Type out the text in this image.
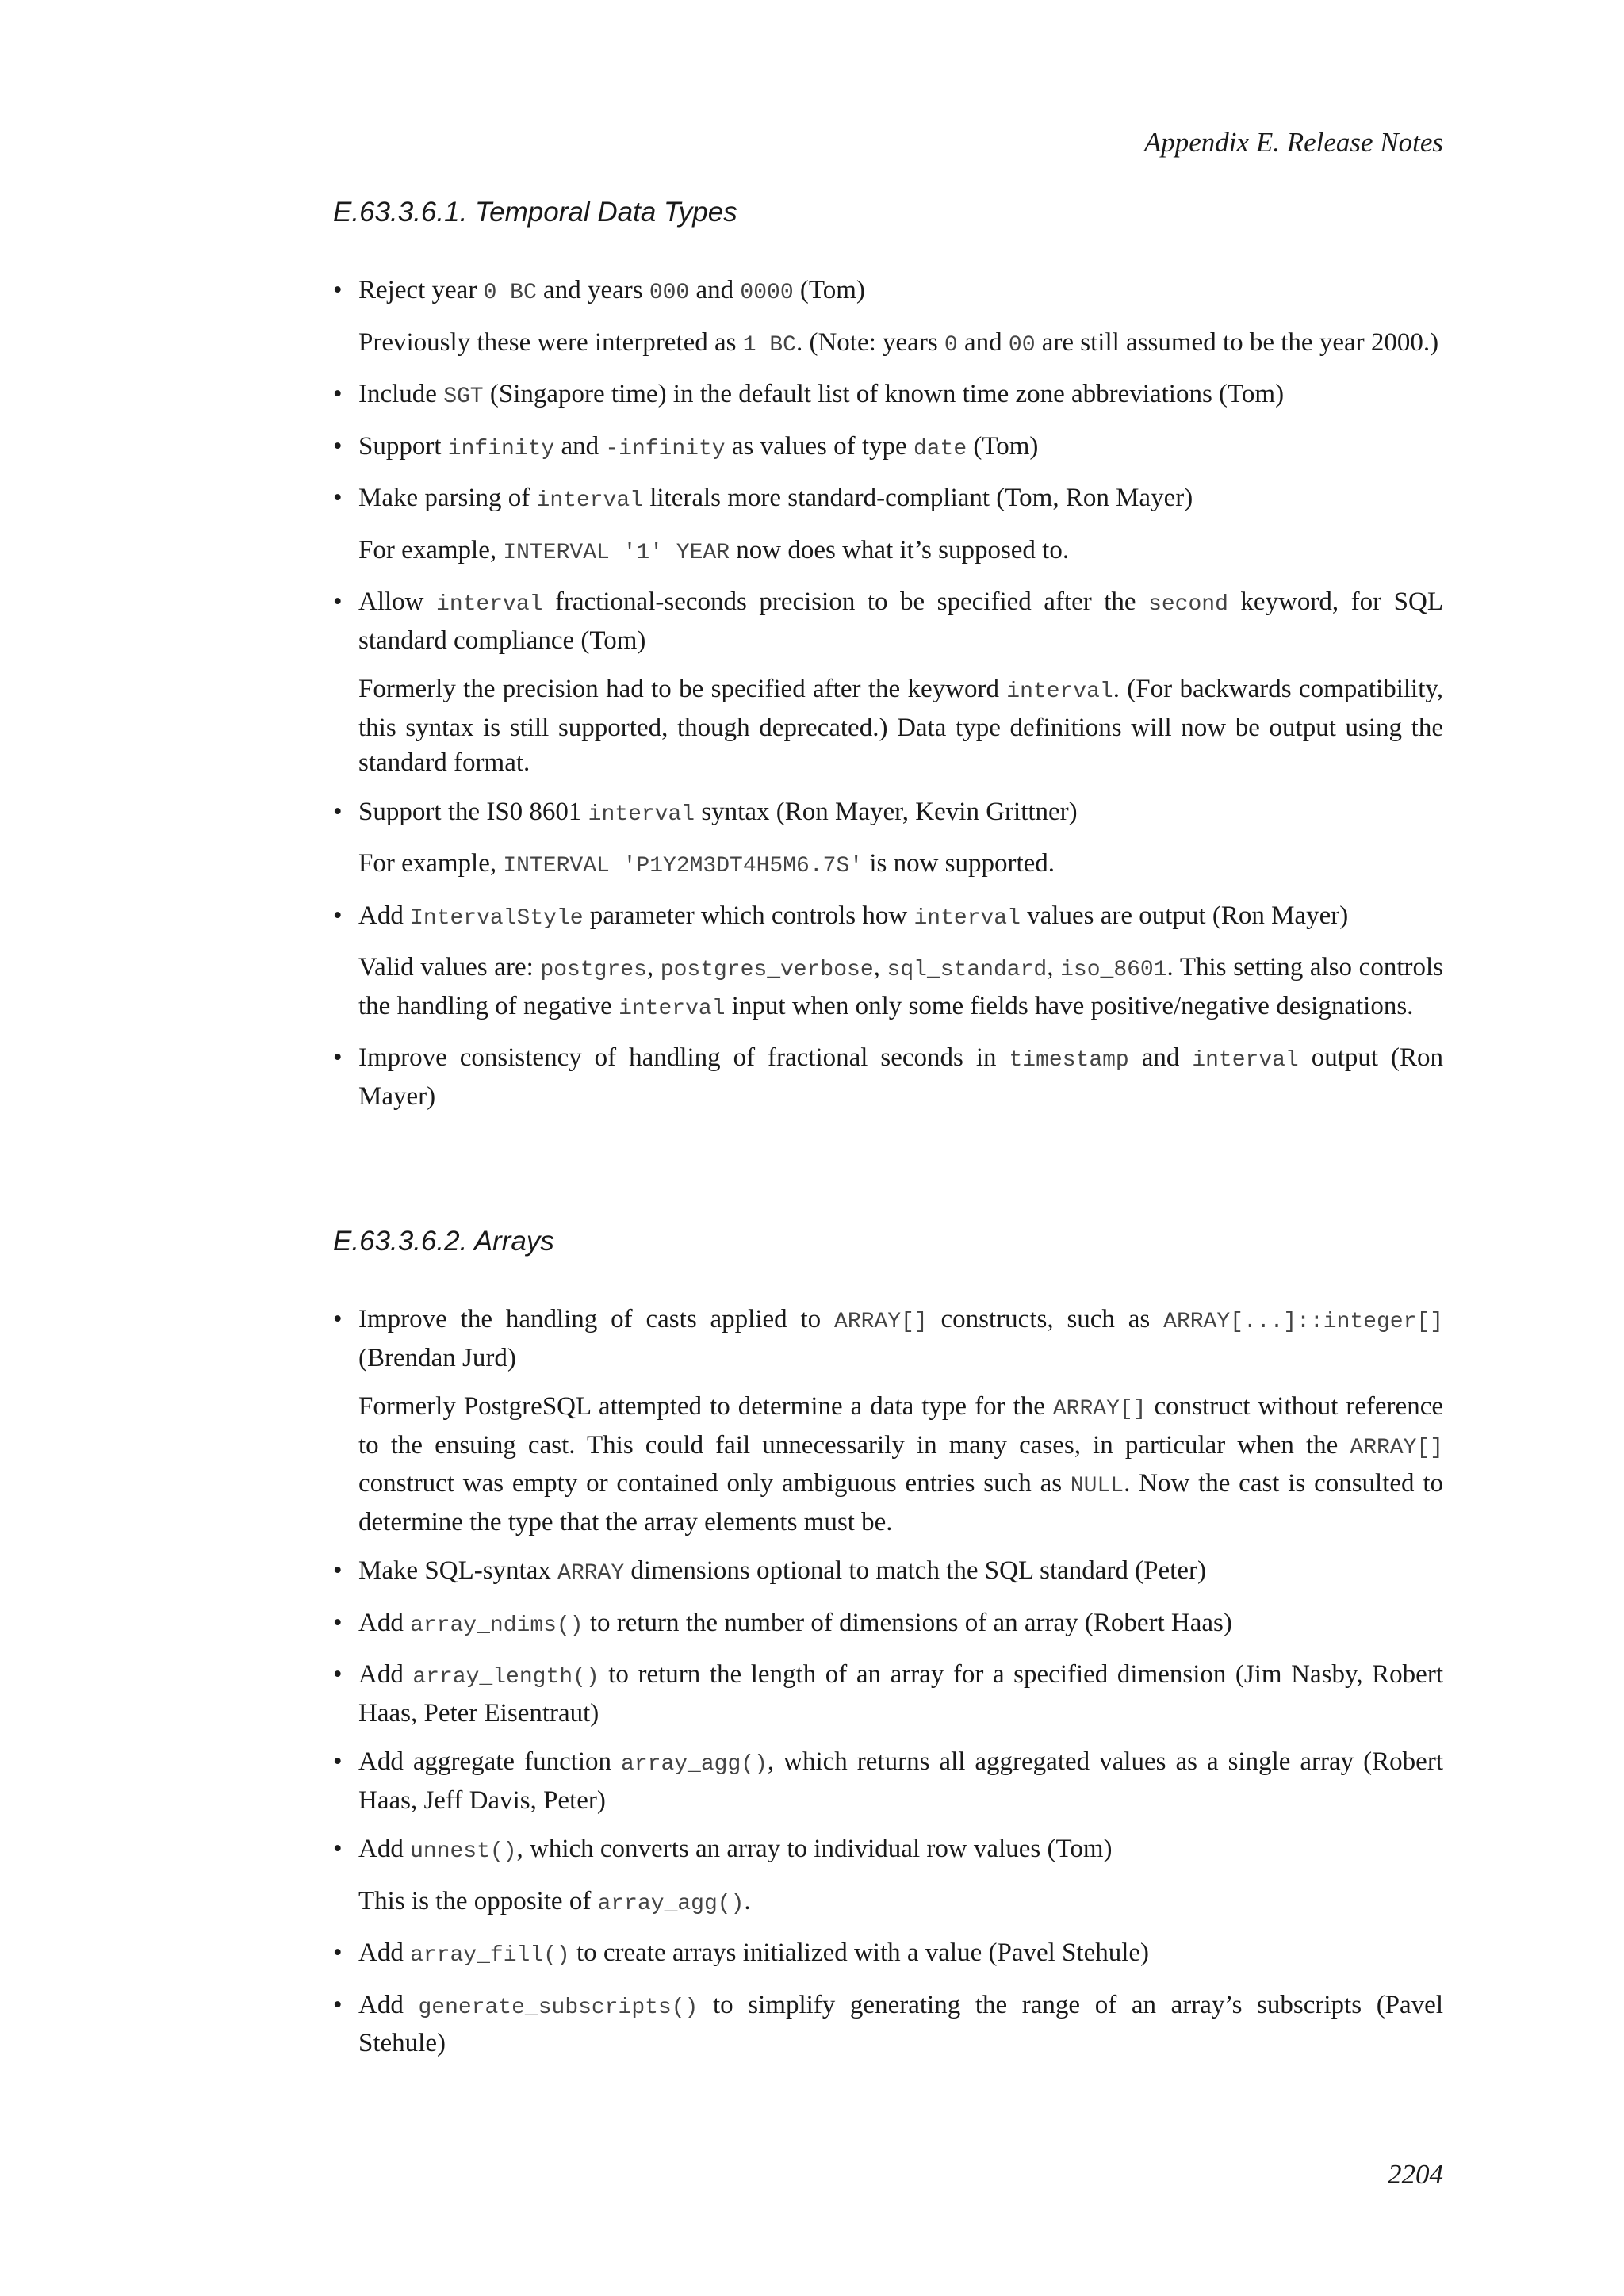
Appendix E. Release Notes
E.63.3.6.1. Temporal Data Types
• Reject year 0 BC and years 000 and 0000 (Tom)
Previously these were interpreted as 1 BC. (Note: years 0 and 00 are still assumed to be the year 2000.)
• Include SGT (Singapore time) in the default list of known time zone abbreviations (Tom)
• Support infinity and -infinity as values of type date (Tom)
• Make parsing of interval literals more standard-compliant (Tom, Ron Mayer)
For example, INTERVAL '1' YEAR now does what it’s supposed to.
• Allow interval fractional-seconds precision to be specified after the second keyword, for SQL standard compliance (Tom)
Formerly the precision had to be specified after the keyword interval. (For backwards compatibility, this syntax is still supported, though deprecated.) Data type definitions will now be output using the standard format.
• Support the IS0 8601 interval syntax (Ron Mayer, Kevin Grittner)
For example, INTERVAL 'P1Y2M3DT4H5M6.7S' is now supported.
• Add IntervalStyle parameter which controls how interval values are output (Ron Mayer)
Valid values are: postgres, postgres_verbose, sql_standard, iso_8601. This setting also controls the handling of negative interval input when only some fields have positive/negative designations.
• Improve consistency of handling of fractional seconds in timestamp and interval output (Ron Mayer)
E.63.3.6.2. Arrays
• Improve the handling of casts applied to ARRAY[] constructs, such as ARRAY[...]::integer[] (Brendan Jurd)
Formerly PostgreSQL attempted to determine a data type for the ARRAY[] construct without reference to the ensuing cast. This could fail unnecessarily in many cases, in particular when the ARRAY[] construct was empty or contained only ambiguous entries such as NULL. Now the cast is consulted to determine the type that the array elements must be.
• Make SQL-syntax ARRAY dimensions optional to match the SQL standard (Peter)
• Add array_ndims() to return the number of dimensions of an array (Robert Haas)
• Add array_length() to return the length of an array for a specified dimension (Jim Nasby, Robert Haas, Peter Eisentraut)
• Add aggregate function array_agg(), which returns all aggregated values as a single array (Robert Haas, Jeff Davis, Peter)
• Add unnest(), which converts an array to individual row values (Tom)
This is the opposite of array_agg().
• Add array_fill() to create arrays initialized with a value (Pavel Stehule)
• Add generate_subscripts() to simplify generating the range of an array’s subscripts (Pavel Stehule)
2204
